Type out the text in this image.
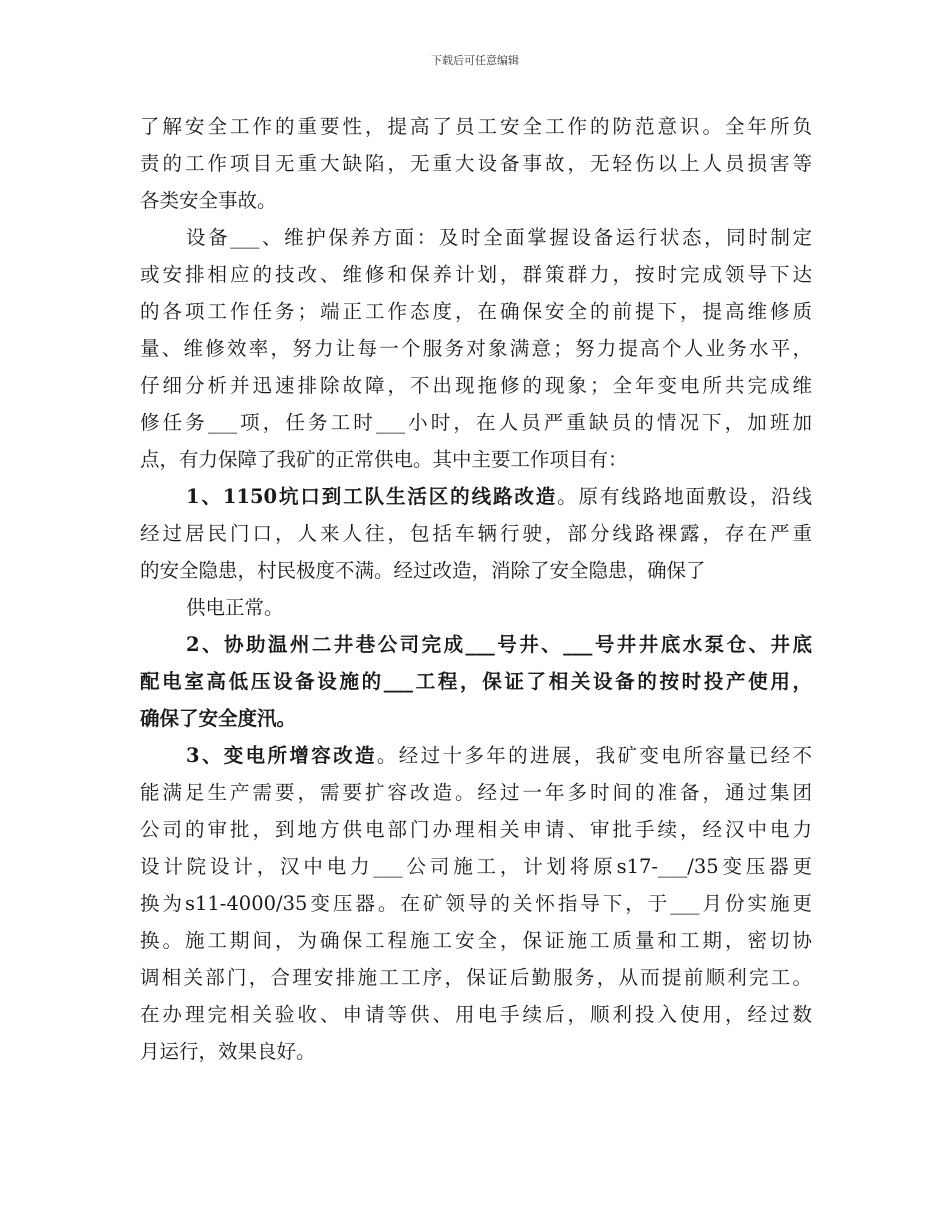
下载后可任意编辑
了解安全工作的重要性，提高了员工安全工作的防范意识。全年所负
责的工作项目无重大缺陷，无重大设备事故，无轻伤以上人员损害等
各类安全事故。
设备___、维护保养方面：及时全面掌握设备运行状态，同时制定
或安排相应的技改、维修和保养计划，群策群力，按时完成领导下达
的各项工作任务；端正工作态度，在确保安全的前提下，提高维修质
量、维修效率，努力让每一个服务对象满意；努力提高个人业务水平，
仔细分析并迅速排除故障，不出现拖修的现象；全年变电所共完成维
修任务___项，任务工时___小时，在人员严重缺员的情况下，加班加
点，有力保障了我矿的正常供电。其中主要工作项目有：
1、1150坑口到工队生活区的线路改造。原有线路地面敷设，沿线
经过居民门口，人来人往，包括车辆行驶，部分线路裸露，存在严重
的安全隐患，村民极度不满。经过改造，消除了安全隐患，确保了
供电正常。
2、协助温州二井巷公司完成___号井、___号井井底水泵仓、井底
配电室高低压设备设施的___工程，保证了相关设备的按时投产使用，
确保了安全度汛。
3、变电所增容改造。经过十多年的进展，我矿变电所容量已经不
能满足生产需要，需要扩容改造。经过一年多时间的准备，通过集团
公司的审批，到地方供电部门办理相关申请、审批手续，经汉中电力
设计院设计，汉中电力___公司施工，计划将原s17-___/35变压器更
换为s11-4000/35变压器。在矿领导的关怀指导下，于___月份实施更
换。施工期间，为确保工程施工安全，保证施工质量和工期，密切协
调相关部门，合理安排施工工序，保证后勤服务，从而提前顺利完工。
在办理完相关验收、申请等供、用电手续后，顺利投入使用，经过数
月运行，效果良好。
